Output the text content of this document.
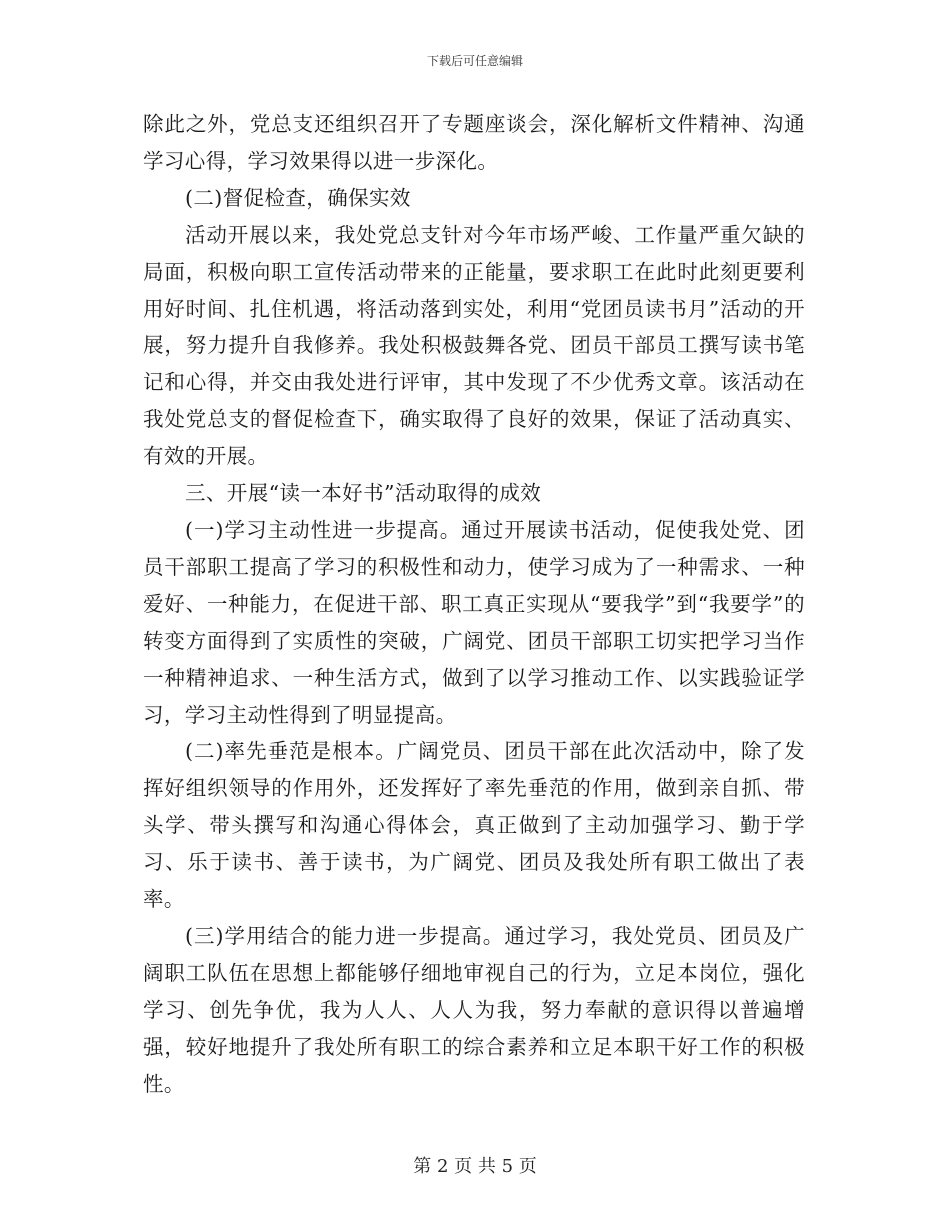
下载后可任意编辑

除此之外，党总支还组织召开了专题座谈会，深化解析文件精神、沟通学习心得，学习效果得以进一步深化。

(二)督促检查，确保实效

活动开展以来，我处党总支针对今年市场严峻、工作量严重欠缺的局面，积极向职工宣传活动带来的正能量，要求职工在此时此刻更要利用好时间、扎住机遇，将活动落到实处，利用“党团员读书月”活动的开展，努力提升自我修养。我处积极鼓舞各党、团员干部员工撰写读书笔记和心得，并交由我处进行评审，其中发现了不少优秀文章。该活动在我处党总支的督促检查下，确实取得了良好的效果，保证了活动真实、有效的开展。

三、开展“读一本好书”活动取得的成效

(一)学习主动性进一步提高。通过开展读书活动，促使我处党、团员干部职工提高了学习的积极性和动力，使学习成为了一种需求、一种爱好、一种能力，在促进干部、职工真正实现从“要我学”到“我要学”的转变方面得到了实质性的突破，广阔党、团员干部职工切实把学习当作一种精神追求、一种生活方式，做到了以学习推动工作、以实践验证学习，学习主动性得到了明显提高。

(二)率先垂范是根本。广阔党员、团员干部在此次活动中，除了发挥好组织领导的作用外，还发挥好了率先垂范的作用，做到亲自抓、带头学、带头撰写和沟通心得体会，真正做到了主动加强学习、勤于学习、乐于读书、善于读书，为广阔党、团员及我处所有职工做出了表率。

(三)学用结合的能力进一步提高。通过学习，我处党员、团员及广阔职工队伍在思想上都能够仔细地审视自己的行为，立足本岗位，强化学习、创先争优，我为人人、人人为我，努力奉献的意识得以普遍增强，较好地提升了我处所有职工的综合素养和立足本职干好工作的积极性。

第 2 页 共 5 页
